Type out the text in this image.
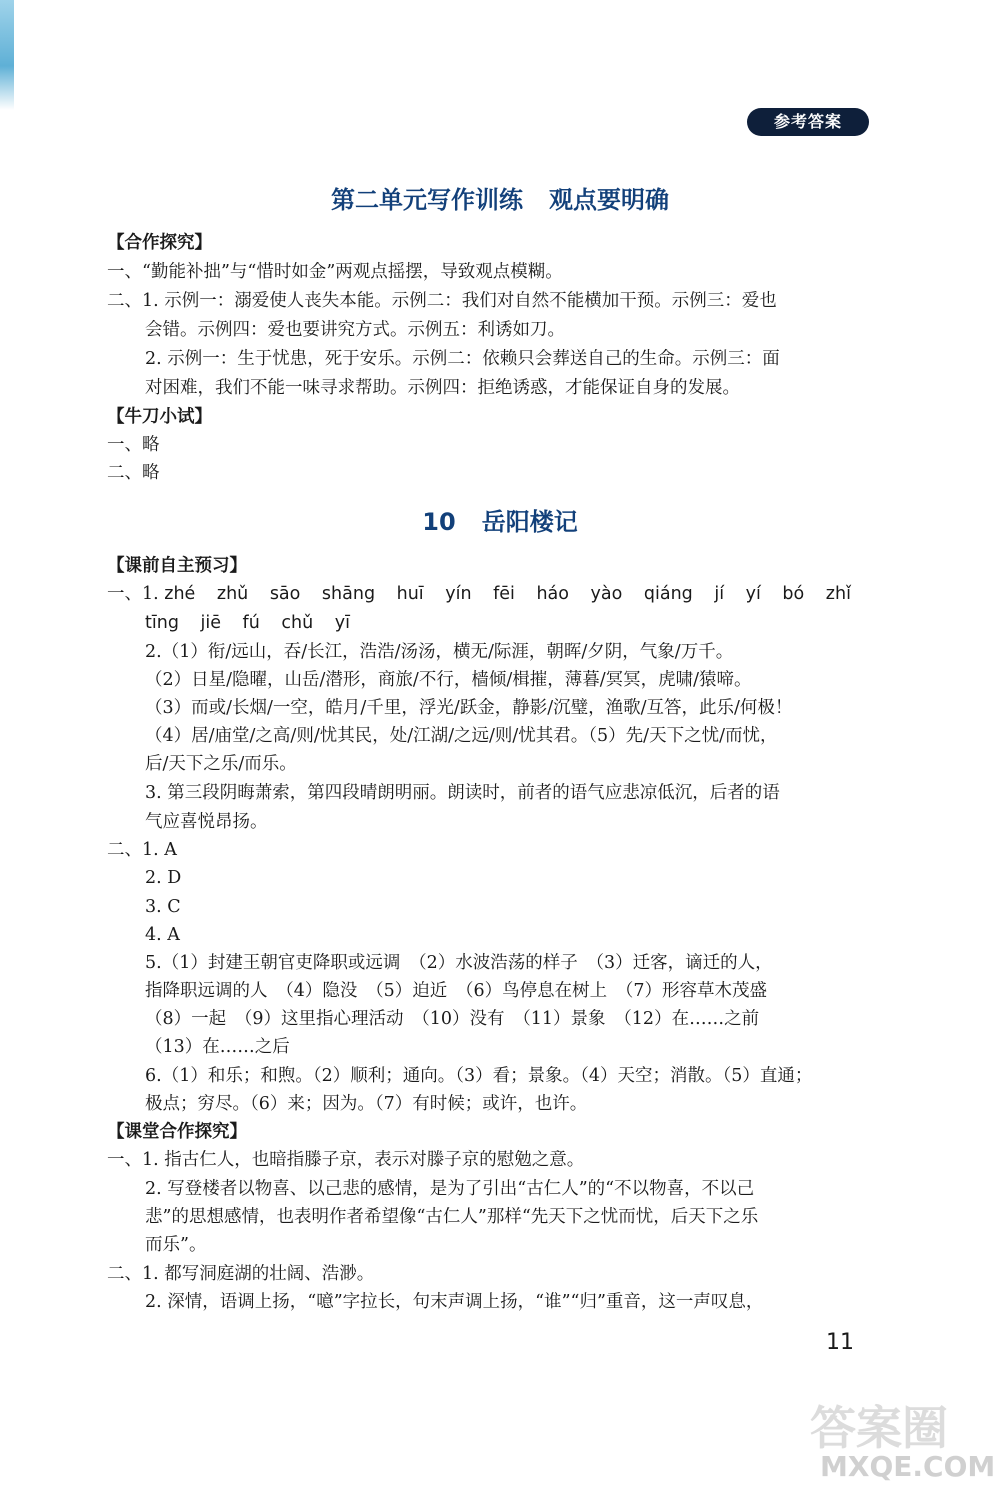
参考答案
第二单元写作训练 观点要明确
【合作探究】
一、“勤能补拙”与“惜时如金”两观点摇摆，导致观点模糊。
二、1. 示例一：溺爱使人丧失本能。示例二：我们对自然不能横加干预。示例三：爱也
会错。示例四：爱也要讲究方式。示例五：利诱如刀。
2. 示例一：生于忧患，死于安乐。示例二：依赖只会葬送自己的生命。示例三：面
对困难，我们不能一味寻求帮助。示例四：拒绝诱惑，才能保证自身的发展。
【牛刀小试】
一、略
二、略
10 岳阳楼记
【课前自主预习】
一、1. zhé zhǔ sāo shāng huī yín fēi háo yào qiáng jí yí bó zhǐ
tīng jiē fú chǔ yī
2.（1）衔/远山，吞/长江，浩浩/汤汤，横无/际涯，朝晖/夕阴，气象/万千。
（2）日星/隐曜，山岳/潜形，商旅/不行，樯倾/楫摧，薄暮/冥冥，虎啸/猿啼。
（3）而或/长烟/一空，皓月/千里，浮光/跃金，静影/沉璧，渔歌/互答，此乐/何极！
（4）居/庙堂/之高/则/忧其民，处/江湖/之远/则/忧其君。（5）先/天下之忧/而忧，
后/天下之乐/而乐。
3. 第三段阴晦萧索，第四段晴朗明丽。朗读时，前者的语气应悲凉低沉，后者的语
气应喜悦昂扬。
二、1. A
2. D
3. C
4. A
5.（1）封建王朝官吏降职或远调　（2）水波浩荡的样子　（3）迁客，谪迁的人，
指降职远调的人　（4）隐没　（5）迫近　（6）鸟停息在树上　（7）形容草木茂盛
（8）一起　（9）这里指心理活动　（10）没有　（11）景象　（12）在……之前
（13）在……之后
6.（1）和乐；和煦。（2）顺利；通向。（3）看；景象。（4）天空；消散。（5）直通；
极点；穷尽。（6）来；因为。（7）有时候；或许，也许。
【课堂合作探究】
一、1. 指古仁人，也暗指滕子京，表示对滕子京的慰勉之意。
2. 写登楼者以物喜、以己悲的感情，是为了引出“古仁人”的“不以物喜，不以己
悲”的思想感情，也表明作者希望像“古仁人”那样“先天下之忧而忧，后天下之乐
而乐”。
二、1. 都写洞庭湖的壮阔、浩渺。
2. 深情，语调上扬，“噫”字拉长，句末声调上扬，“谁”“归”重音，这一声叹息，
11
答案圈
MXQE.COM
